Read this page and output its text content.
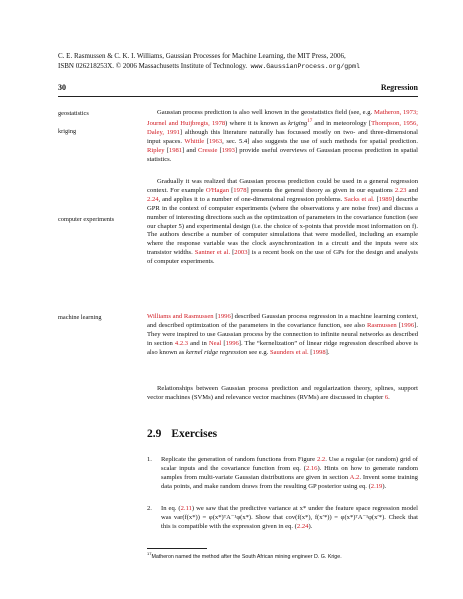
C. E. Rasmussen & C. K. I. Williams, Gaussian Processes for Machine Learning, the MIT Press, 2006,
ISBN 026218253X. © 2006 Massachusetts Institute of Technology. www.GaussianProcess.org/gpml
30	Regression
geostatistics
kriging
computer experiments
machine learning

Gaussian process prediction is also well known in the geostatistics field (see, e.g. Matheron, 1973; Journel and Huijbregts, 1978) where it is known as kriging$^{17}$ and in meteorology [Thompson, 1956, Daley, 1991] although this literature naturally has focussed mostly on two- and three-dimensional input spaces. Whittle [1963, sec. 5.4] also suggests the use of such methods for spatial prediction. Ripley [1981] and Cressie [1993] provide useful overviews of Gaussian process prediction in spatial statistics.

Gradually it was realized that Gaussian process prediction could be used in a general regression context. For example O'Hagan [1978] presents the general theory as given in our equations 2.23 and 2.24, and applies it to a number of one-dimensional regression problems. Sacks et al. [1989] describe GPR in the context of computer experiments (where the observations y are noise free) and discuss a number of interesting directions such as the optimization of parameters in the covariance function (see our chapter 5) and experimental design (i.e. the choice of x-points that provide most information on f). The authors describe a number of computer simulations that were modelled, including an example where the response variable was the clock asynchronization in a circuit and the inputs were six transistor widths. Santner et al. [2003] is a recent book on the use of GPs for the design and analysis of computer experiments.

Williams and Rasmussen [1996] described Gaussian process regression in a machine learning context, and described optimization of the parameters in the covariance function, see also Rasmussen [1996]. They were inspired to use Gaussian process by the connection to infinite neural networks as described in section 4.2.3 and in Neal [1996]. The “kernelization” of linear ridge regression described above is also known as kernel ridge regression see e.g. Saunders et al. [1998].

Relationships between Gaussian process prediction and regularization theory, splines, support vector machines (SVMs) and relevance vector machines (RVMs) are discussed in chapter 6.

2.9 Exercises
1. Replicate the generation of random functions from Figure 2.2. Use a regular (or random) grid of scalar inputs and the covariance function from eq. (2.16). Hints on how to generate random samples from multi-variate Gaussian distributions are given in section A.2. Invent some training data points, and make random draws from the resulting GP posterior using eq. (2.19).
2. In eq. (2.11) we saw that the predictive variance at x* under the feature space regression model was var(f(x*)) = φ(x*)ᵀA⁻¹φ(x*). Show that cov(f(x*), f(x′*)) = φ(x*)ᵀA⁻¹φ(x′*). Check that this is compatible with the expression given in eq. (2.24).
$^{17}$Matheron named the method after the South African mining engineer D. G. Krige.
